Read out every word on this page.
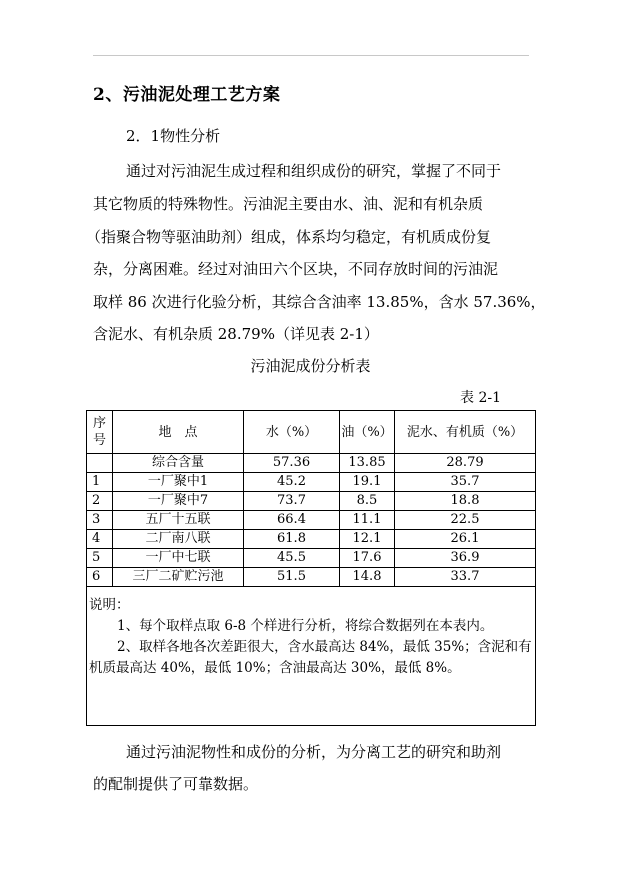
2、污油泥处理工艺方案
2．1物性分析
通过对污油泥生成过程和组织成份的研究，掌握了不同于
其它物质的特殊物性。污油泥主要由水、油、泥和有机杂质
（指聚合物等驱油助剂）组成，体系均匀稳定，有机质成份复
杂，分离困难。经过对油田六个区块，不同存放时间的污油泥
取样 86 次进行化验分析，其综合含油率 13.85%，含水 57.36%，
含泥水、有机杂质 28.79%（详见表 2-1）
污油泥成份分析表
表 2-1
序号	地　点	水（%）	油（%）	泥水、有机质（%）
	综合含量	57.36	13.85	28.79
1	一厂聚中1	45.2	19.1	35.7
2	一厂聚中7	73.7	8.5	18.8
3	五厂十五联	66.4	11.1	22.5
4	二厂南八联	61.8	12.1	26.1
5	一厂中七联	45.5	17.6	36.9
6	三厂二矿贮污池	51.5	14.8	33.7

说明：
1、每个取样点取 6-8 个样进行分析，将综合数据列在本表内。
2、取样各地各次差距很大，含水最高达 84%，最低 35%；含泥和有机质最高达 40%，最低 10%；含油最高达 30%，最低 8%。				
通过污油泥物性和成份的分析，为分离工艺的研究和助剂
的配制提供了可靠数据。
